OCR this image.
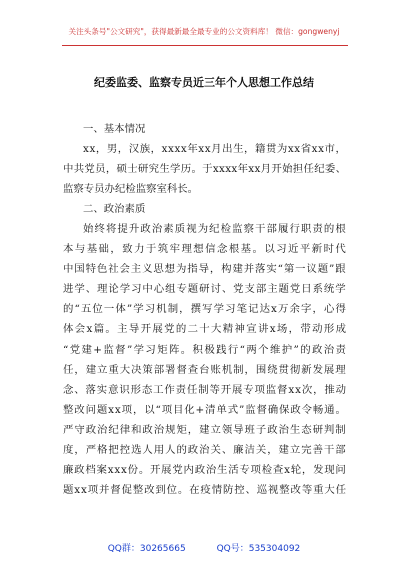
关注头条号"公文研究"，获得最新最全最专业的公文资料库！ 微信：gongwenyj
纪委监委、监察专员近三年个人思想工作总结
一、基本情况
x x ， 男 ， 汉 族 ， x x x x 年 x x 月 出 生 ， 籍 贯 为 x x 省 x x 市 ，
中 共 党 员 ， 硕 士 研 究 生 学 历 。 于 x x x x 年 x x 月 开 始 担 任 纪 委 、
监察专员办纪检监察室科长。
二、政治素质
始 终 将 提 升 政 治 素 质 视 为 纪 检 监 察 干 部 履 行 职 责 的 根
本 与 基 础 ， 致 力 于 筑 牢 理 想 信 念 根 基 。 以 习 近 平 新 时 代
中 国 特 色 社 会 主 义 思 想 为 指 导 ， 构 建 并 落 实 “ 第 一 议 题 ” 跟
进 学 、 理 论 学 习 中 心 组 专 题 研 讨 、 党 支 部 主 题 党 日 系 统 学
的 “ 五 位 一 体 ” 学 习 机 制 ， 撰 写 学 习 笔 记 达 x 万 余 字 ， 心 得
体 会 x 篇 。 主 导 开 展 党 的 二 十 大 精 神 宣 讲 x 场 ， 带 动 形 成
“ 党 建 + 监 督 ” 学 习 矩 阵 。 积 极 践 行 “ 两 个 维 护 ” 的 政 治 责
任 ， 建 立 重 大 决 策 部 署 督 查 台 账 机 制 ， 围 绕 贯 彻 新 发 展 理
念 、 落 实 意 识 形 态 工 作 责 任 制 等 开 展 专 项 监 督 x x 次 ， 推 动
整 改 问 题 x x 项 ， 以 “ 项 目 化 + 清 单 式 ” 监 督 确 保 政 令 畅 通 。
严 守 政 治 纪 律 和 政 治 规 矩 ， 建 立 领 导 班 子 政 治 生 态 研 判 制
度 ， 严 格 把 控 选 人 用 人 的 政 治 关 、 廉 洁 关 ， 建 立 完 善 干 部
廉 政 档 案 x x x 份 。 开 展 党 内 政 治 生 活 专 项 检 查 x 轮 ， 发 现 问
题 x x 项 并 督 促 整 改 到 位 。 在 疫 情 防 控 、 巡 视 整 改 等 重 大 任
QQ群：30265665	QQ号：535304092
